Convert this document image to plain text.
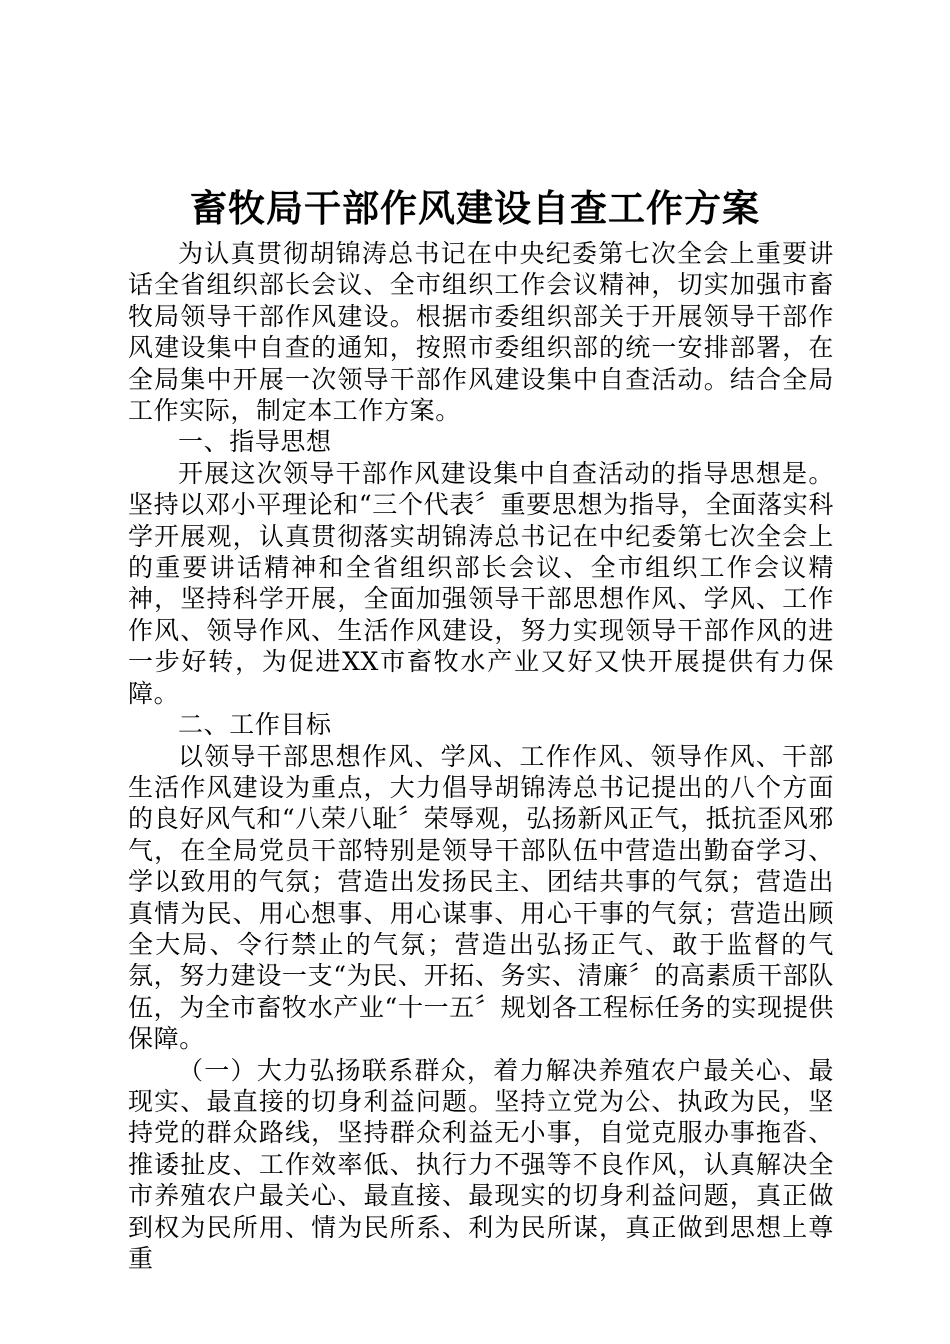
畜牧局干部作风建设自查工作方案

为认真贯彻胡锦涛总书记在中央纪委第七次全会上重要讲话全省组织部长会议、全市组织工作会议精神，切实加强市畜牧局领导干部作风建设。根据市委组织部关于开展领导干部作风建设集中自查的通知，按照市委组织部的统一安排部署，在全局集中开展一次领导干部作风建设集中自查活动。结合全局工作实际，制定本工作方案。

一、指导思想

开展这次领导干部作风建设集中自查活动的指导思想是。坚持以邓小平理论和“三个代表〞重要思想为指导，全面落实科学开展观，认真贯彻落实胡锦涛总书记在中纪委第七次全会上的重要讲话精神和全省组织部长会议、全市组织工作会议精神，坚持科学开展，全面加强领导干部思想作风、学风、工作作风、领导作风、生活作风建设，努力实现领导干部作风的进一步好转，为促进XX市畜牧水产业又好又快开展提供有力保障。

二、工作目标

以领导干部思想作风、学风、工作作风、领导作风、干部生活作风建设为重点，大力倡导胡锦涛总书记提出的八个方面的良好风气和“八荣八耻〞荣辱观，弘扬新风正气，抵抗歪风邪气，在全局党员干部特别是领导干部队伍中营造出勤奋学习、学以致用的气氛；营造出发扬民主、团结共事的气氛；营造出真情为民、用心想事、用心谋事、用心干事的气氛；营造出顾全大局、令行禁止的气氛；营造出弘扬正气、敢于监督的气氛，努力建设一支“为民、开拓、务实、清廉〞的高素质干部队伍，为全市畜牧水产业“十一五〞规划各工程标任务的实现提供保障。

（一）大力弘扬联系群众，着力解决养殖农户最关心、最现实、最直接的切身利益问题。坚持立党为公、执政为民，坚持党的群众路线，坚持群众利益无小事，自觉克服办事拖沓、推诿扯皮、工作效率低、执行力不强等不良作风，认真解决全市养殖农户最关心、最直接、最现实的切身利益问题，真正做到权为民所用、情为民所系、利为民所谋，真正做到思想上尊重
